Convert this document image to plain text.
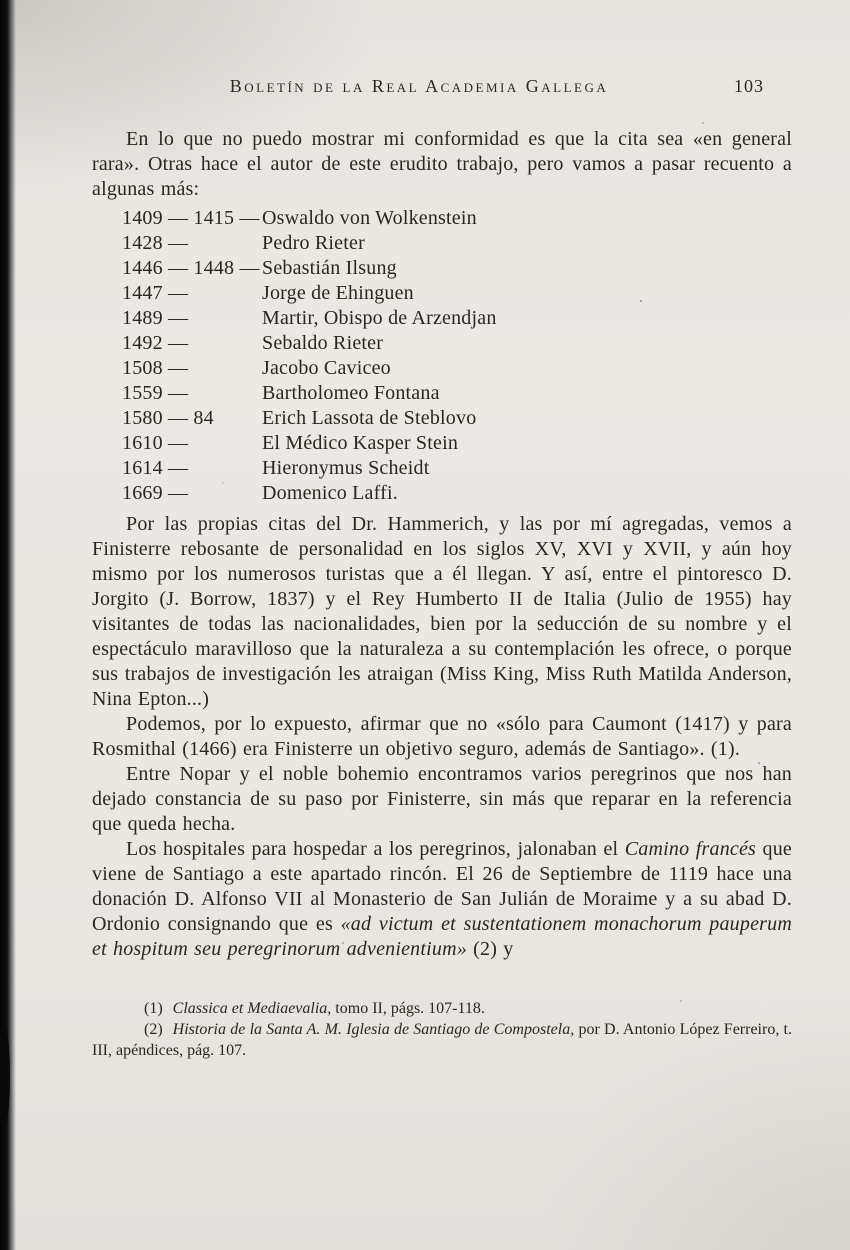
Boletín de la Real Academia Gallega	103

En lo que no puedo mostrar mi conformidad es que la cita sea «en general rara». Otras hace el autor de este erudito trabajo, pero vamos a pasar recuento a algunas más:

1409 — 1415 — Oswaldo von Wolkenstein
1428 —	Pedro Rieter
1446 — 1448 — Sebastián Ilsung
1447 —	Jorge de Ehinguen
1489 —	Martir, Obispo de Arzendjan
1492 —	Sebaldo Rieter
1508 —	Jacobo Caviceo
1559 —	Bartholomeo Fontana
1580 — 84	Erich Lassota de Steblovo
1610 —	El Médico Kasper Stein
1614 —	Hieronymus Scheidt
1669 —	Domenico Laffi.

Por las propias citas del Dr. Hammerich, y las por mí agregadas, vemos a Finisterre rebosante de personalidad en los siglos XV, XVI y XVII, y aún hoy mismo por los numerosos turistas que a él llegan. Y así, entre el pintoresco D. Jorgito (J. Borrow, 1837) y el Rey Humberto II de Italia (Julio de 1955) hay visitantes de todas las nacionalidades, bien por la seducción de su nombre y el espectáculo maravilloso que la naturaleza a su contemplación les ofrece, o porque sus trabajos de investigación les atraigan (Miss King, Miss Ruth Matilda Anderson, Nina Epton...)

Podemos, por lo expuesto, afirmar que no «sólo para Caumont (1417) y para Rosmithal (1466) era Finisterre un objetivo seguro, además de Santiago». (1).

Entre Nopar y el noble bohemio encontramos varios peregrinos que nos han dejado constancia de su paso por Finisterre, sin más que reparar en la referencia que queda hecha.

Los hospitales para hospedar a los peregrinos, jalonaban el Camino francés que viene de Santiago a este apartado rincón. El 26 de Septiembre de 1119 hace una donación D. Alfonso VII al Monasterio de San Julián de Moraime y a su abad D. Ordonio consignando que es «ad victum et sustentationem monachorum pauperum et hospitum seu peregrinorum advenientium» (2) y

(1) Classica et Mediaevalia, tomo II, págs. 107-118.

(2) Historia de la Santa A. M. Iglesia de Santiago de Compostela, por D. Antonio López Ferreiro, t. III, apéndices, pág. 107.
